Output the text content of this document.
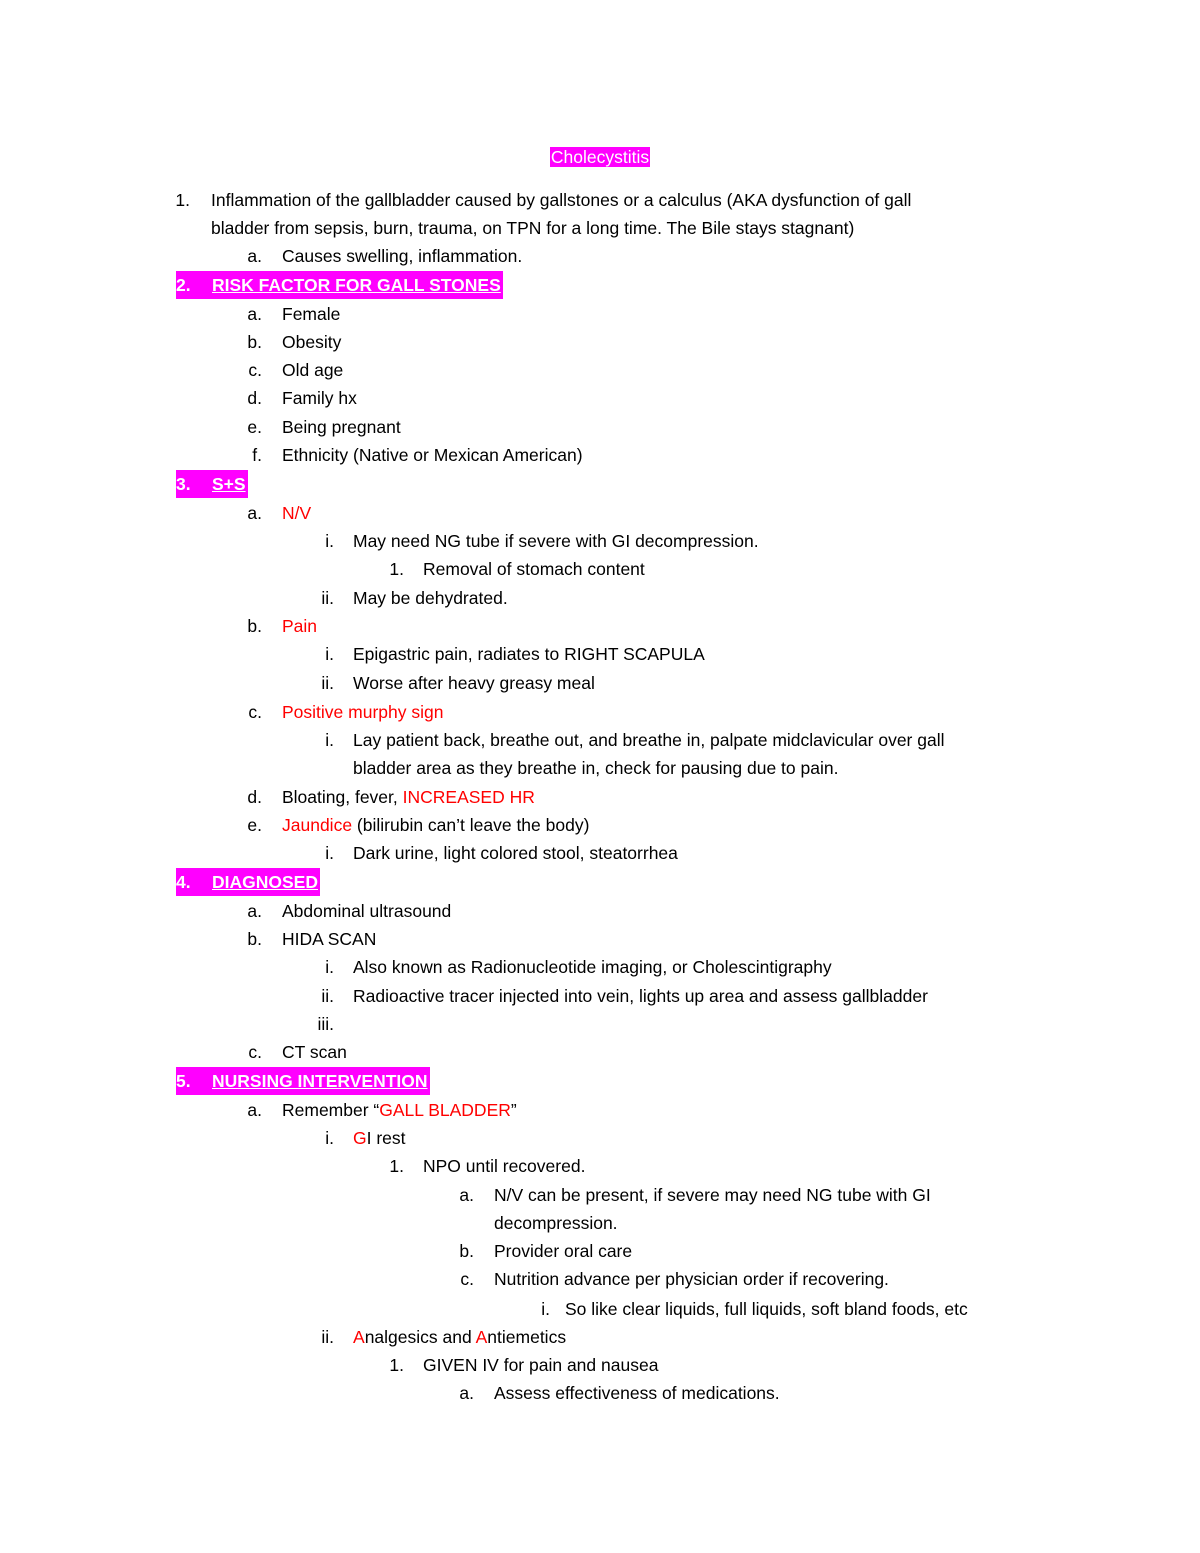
Cholecystitis
1. Inflammation of the gallbladder caused by gallstones or a calculus (AKA dysfunction of gall
bladder from sepsis, burn, trauma, on TPN for a long time. The Bile stays stagnant)
a. Causes swelling, inflammation.
2. RISK FACTOR FOR GALL STONES
a. Female
b. Obesity
c. Old age
d. Family hx
e. Being pregnant
f. Ethnicity (Native or Mexican American)
3. S+S
a. N/V
i. May need NG tube if severe with GI decompression.
1. Removal of stomach content
ii. May be dehydrated.
b. Pain
i. Epigastric pain, radiates to RIGHT SCAPULA
ii. Worse after heavy greasy meal
c. Positive murphy sign
i. Lay patient back, breathe out, and breathe in, palpate midclavicular over gall
bladder area as they breathe in, check for pausing due to pain.
d. Bloating, fever, INCREASED HR
e. Jaundice (bilirubin can’t leave the body)
i. Dark urine, light colored stool, steatorrhea
4. DIAGNOSED
a. Abdominal ultrasound
b. HIDA SCAN
i. Also known as Radionucleotide imaging, or Cholescintigraphy
ii. Radioactive tracer injected into vein, lights up area and assess gallbladder
iii.
c. CT scan
5. NURSING INTERVENTION
a. Remember “GALL BLADDER”
i. GI rest
1. NPO until recovered.
a. N/V can be present, if severe may need NG tube with GI
decompression.
b. Provider oral care
c. Nutrition advance per physician order if recovering.
i. So like clear liquids, full liquids, soft bland foods, etc
ii. Analgesics and Antiemetics
1. GIVEN IV for pain and nausea
a. Assess effectiveness of medications.
